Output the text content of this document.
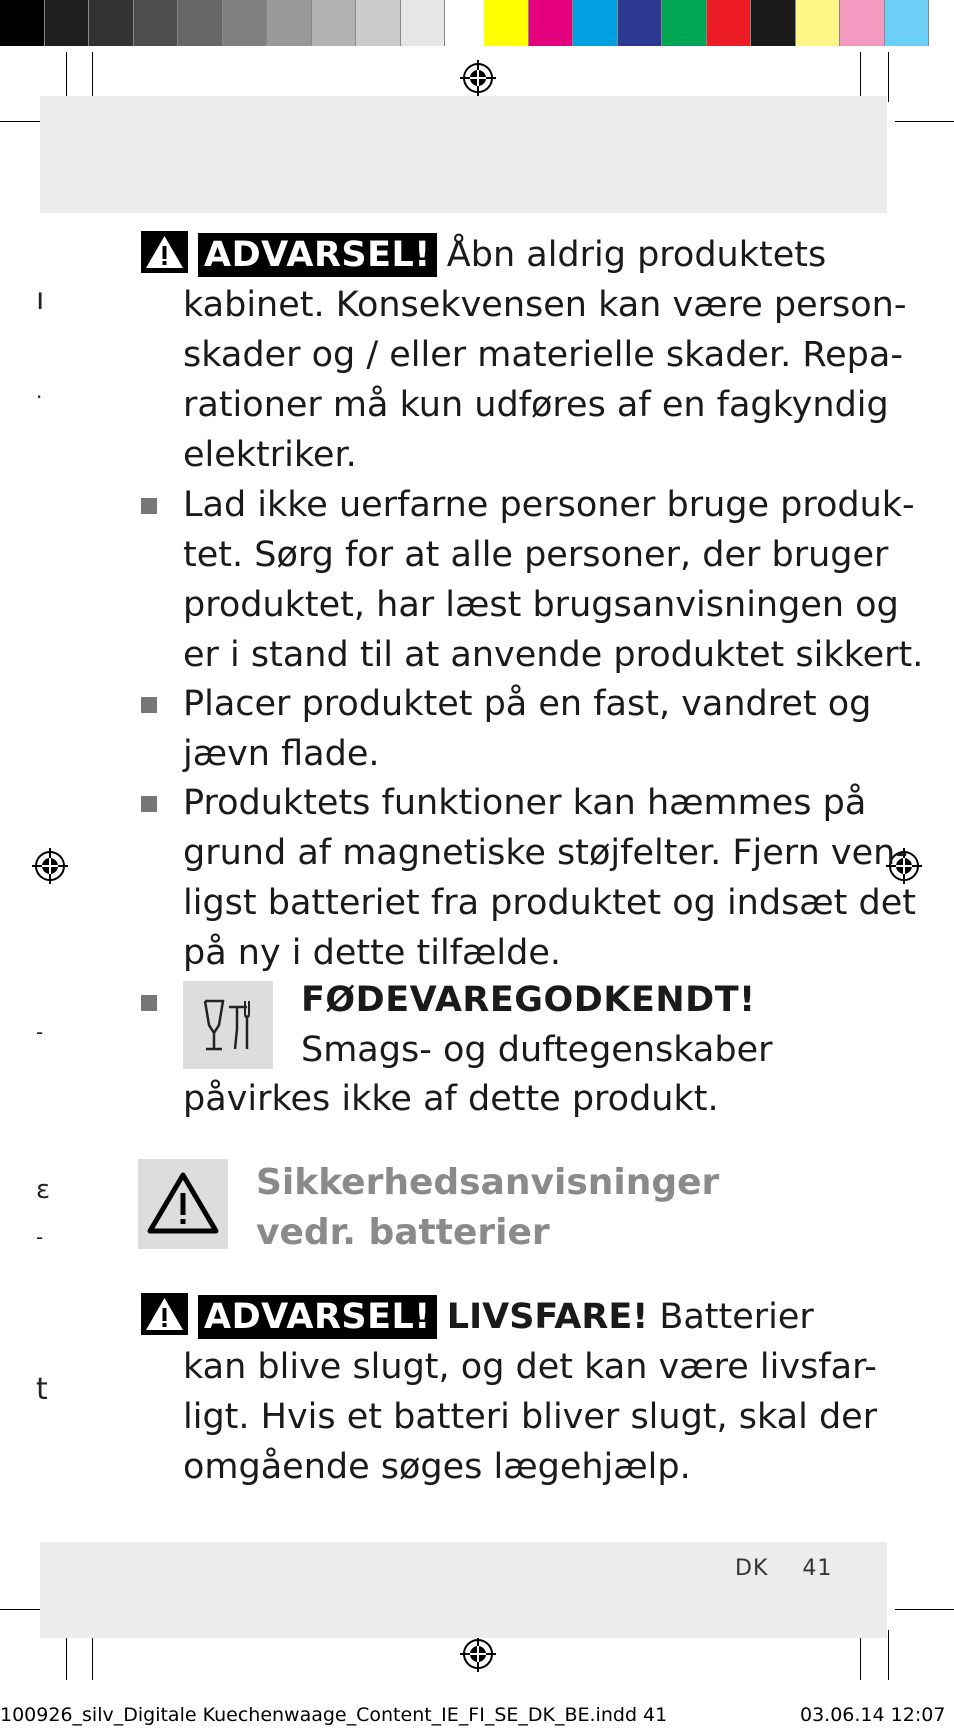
ı
·
-
ɛ
-
t
ADVARSEL! Åbn aldrig produktets
kabinet. Konsekvensen kan være person-
skader og / eller materielle skader. Repa-
rationer må kun udføres af en fagkyndig
elektriker.
Lad ikke uerfarne personer bruge produk-
tet. Sørg for at alle personer, der bruger
produktet, har læst brugsanvisningen og
er i stand til at anvende produktet sikkert.
Placer produktet på en fast, vandret og
jævn flade.
Produktets funktioner kan hæmmes på
grund af magnetiske støjfelter. Fjern ven-
ligst batteriet fra produktet og indsæt det
på ny i dette tilfælde.
FØDEVAREGODKENDT!
Smags- og duftegenskaber
påvirkes ikke af dette produkt.
Sikkerhedsanvisninger
vedr. batterier
ADVARSEL! LIVSFARE! Batterier
kan blive slugt, og det kan være livsfar-
ligt. Hvis et batteri bliver slugt, skal der
omgående søges lægehjælp.
DK 41
100926_silv_Digitale Kuechenwaage_Content_IE_FI_SE_DK_BE.indd 41	03.06.14 12:07
